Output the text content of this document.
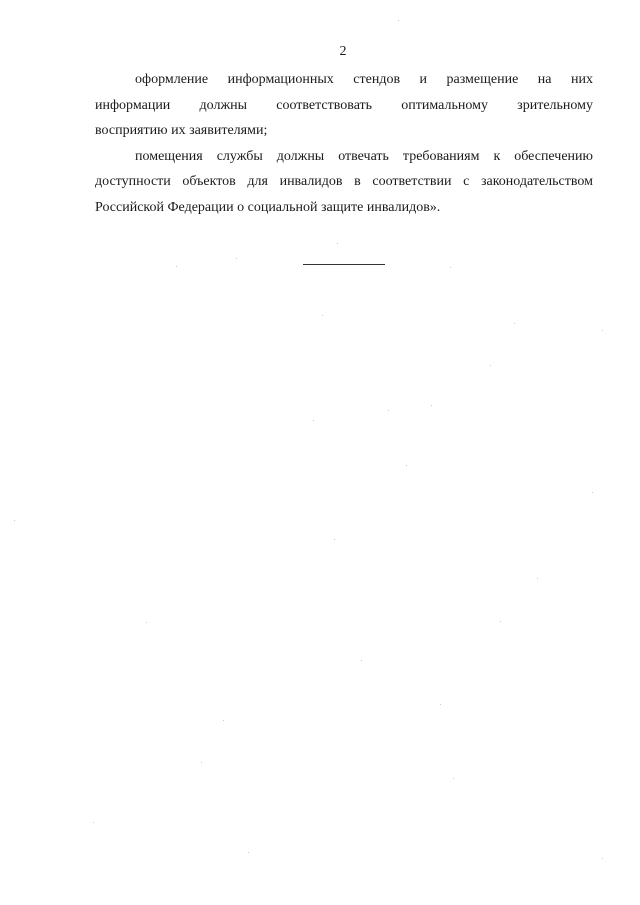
2

оформление информационных стендов и размещение на них
информации должны соответствовать оптимальному зрительному
восприятию их заявителями;

помещения службы должны отвечать требованиям к обеспечению
доступности объектов для инвалидов в соответствии с законодательством
Российской Федерации о социальной защите инвалидов».
